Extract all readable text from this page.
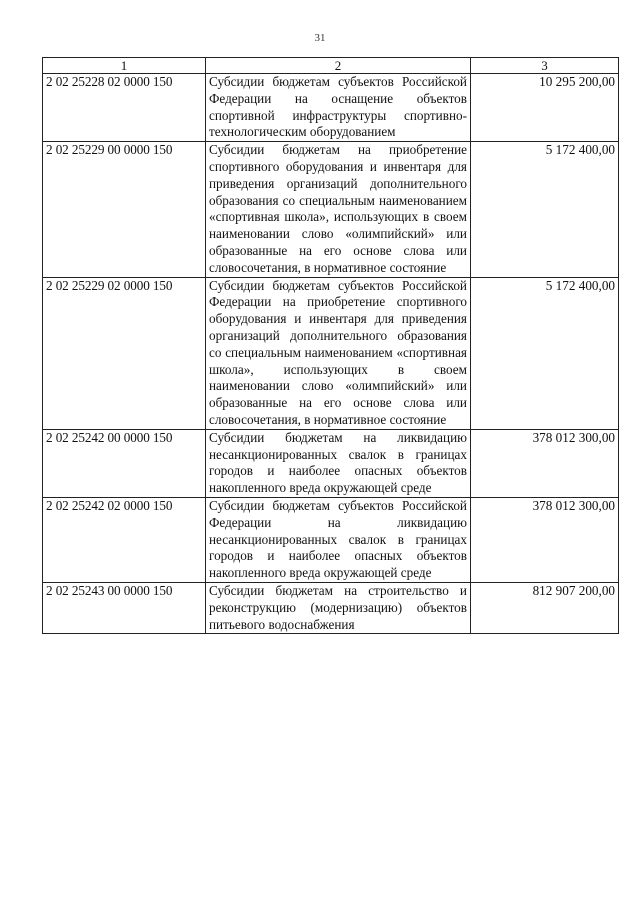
31
1	2	3
2 02 25228 02 0000 150	Субсидии бюджетам субъектов Российской Федерации на оснащение объектов спортивной инфраструктуры спортивно-технологическим оборудованием	10 295 200,00
2 02 25229 00 0000 150	Субсидии бюджетам на приобретение спортивного оборудования и инвентаря для приведения организаций дополнительного образования со специальным наименованием «спортивная школа», использующих в своем наименовании слово «олимпийский» или образованные на его основе слова или словосочетания, в нормативное состояние	5 172 400,00
2 02 25229 02 0000 150	Субсидии бюджетам субъектов Российской Федерации на приобретение спортивного оборудования и инвентаря для приведения организаций дополнительного образования со специальным наименованием «спортивная школа», использующих в своем наименовании слово «олимпийский» или образованные на его основе слова или словосочетания, в нормативное состояние	5 172 400,00
2 02 25242 00 0000 150	Субсидии бюджетам на ликвидацию несанкционированных свалок в границах городов и наиболее опасных объектов накопленного вреда окружающей среде	378 012 300,00
2 02 25242 02 0000 150	Субсидии бюджетам субъектов Российской Федерации на ликвидацию несанкционированных свалок в границах городов и наиболее опасных объектов накопленного вреда окружающей среде	378 012 300,00
2 02 25243 00 0000 150	Субсидии бюджетам на строительство и реконструкцию (модернизацию) объектов питьевого водоснабжения	812 907 200,00
